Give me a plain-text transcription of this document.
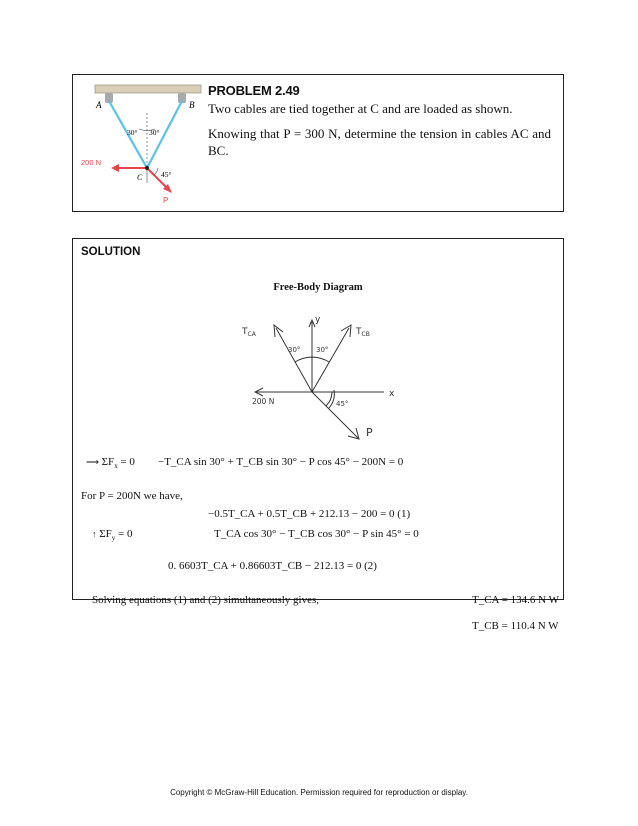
A	B
30° 30°
200 N
C 45°
P
PROBLEM 2.49
Two cables are tied together at C and are loaded as shown.
Knowing that P = 300 N, determine the tension in cables AC and BC.
SOLUTION
Free-Body Diagram
$T_{CA}$	$T_{CB}$
y
x
30° 30°
200 N	45°
P
⟶ $\Sigma F_x = 0$ −T_CA sin 30° + T_CB sin 30° − P cos 45° − 200N = 0
For P = 200N we have,
−0.5T_CA + 0.5T_CB + 212.13 − 200 = 0 (1)
↑ $\Sigma F_y = 0$	T_CA cos 30° − T_CB cos 30° − P sin 45° = 0
0. 6603T_CA + 0.86603T_CB − 212.13 = 0 (2)
Solving equations (1) and (2) simultaneously gives,	T_CA = 134.6 N W
T_CB = 110.4 N W
Copyright © McGraw-Hill Education. Permission required for reproduction or display.
